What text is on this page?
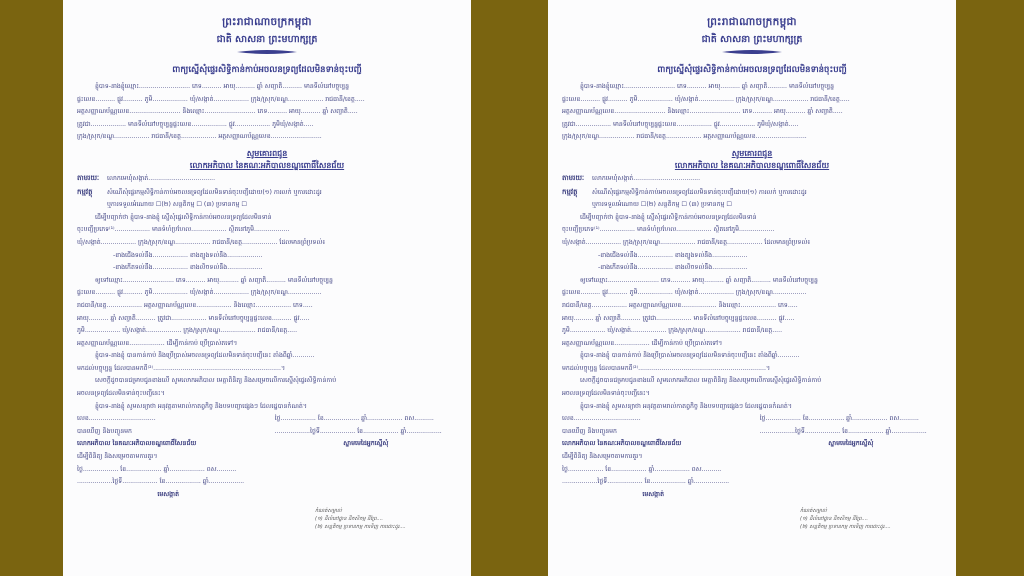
ព្រះរាជាណាចក្រកម្ពុជា
ជាតិ សាសនា ព្រះមហាក្សត្រ
ពាក្យស្នើសុំផ្ទេរសិទ្ធិកាន់កាប់អចលនទ្រព្យដែលមិនទាន់ចុះបញ្ជី
ខ្ញុំបាទ-នាងខ្ញុំឈ្មោះ.......................... ភេទ.......... អាយុ.......... ឆ្នាំ សញ្ជាតិ.......... មានទីលំនៅបច្ចុប្បន្ន
ផ្ទះលេខ.......... ផ្លូវ.......... ភូមិ.................. ឃុំ/សង្កាត់.................. ក្រុង/ស្រុក/ខណ្ឌ.................. រាជធានី/ខេត្ត.....
អត្តសញ្ញាណប័ណ្ណលេខ.......................... និងឈ្មោះ.......................... ភេទ.......... អាយុ.......... ឆ្នាំ សញ្ជាតិ.....
ត្រូវជា.................. មានទីលំនៅបច្ចុប្បន្នផ្ទះលេខ.................. ផ្លូវ.................. ភូមិឃុំ/សង្កាត់.....
ក្រុង/ស្រុក/ខណ្ឌ.................. រាជធានី/ខេត្ត.................. អត្តសញ្ញាណប័ណ្ណលេខ..........................
សូមគោរពជូន
លោកអភិបាល នៃគណៈអភិបាលខណ្ឌពោធិ៍សែនជ័យ
តាមរយៈ លោកមេឃុំសង្កាត់..................................
កម្មវត្ថុ សំណើសុំផ្ទេរកម្មសិទ្ធិកាន់កាប់អចលនទ្រព្យដែលមិនទាន់ចុះបញ្ជីដោយ(១) ការលក់ ឬការដោះដូរ
ឬការទទួលអំណោយ ☐(២) សន្តតិកម្ម ☐ (៣) ប្រទានកម្ម ☐
ដើម្បីបញ្ជាក់ថា ខ្ញុំបាទ-នាងខ្ញុំ ស្នើសុំផ្ទេរសិទ្ធិកាន់កាប់អចលនទ្រព្យដែលមិនទាន់
ចុះបញ្ជីប្រភេទ⁽¹⁾.................. មានទំហំប្រហែល.................. ស្ថិតនៅភូមិ..................
ឃុំ/សង្កាត់.................. ក្រុង/ស្រុក/ខណ្ឌ.................. រាជធានី/ខេត្ត.................. ដែលមានព្រំប្រទល់៖
-ខាងជើងទល់នឹង.................. ខាងត្បូងទល់នឹង..................
-ខាងកើតទល់នឹង.................. ខាងលិចទល់នឹង..................
ឲ្យទៅឈ្មោះ.......................... ភេទ.......... អាយុ.......... ឆ្នាំ សញ្ជាតិ.......... មានទីលំនៅបច្ចុប្បន្ន
ផ្ទះលេខ.......... ផ្លូវ.......... ភូមិ.................. ឃុំ/សង្កាត់.................. ក្រុង/ស្រុក/ខណ្ឌ.................
រាជធានី/ខេត្ត.................. អត្តសញ្ញាណប័ណ្ណលេខ.................. និងឈ្មោះ.................. ភេទ.....
អាយុ.......... ឆ្នាំ សញ្ជាតិ.......... ត្រូវជា.................. មានទីលំនៅបច្ចុប្បន្នផ្ទះលេខ.......... ផ្លូវ.....
ភូមិ.................. ឃុំ/សង្កាត់.................. ក្រុង/ស្រុក/ខណ្ឌ.................. រាជធានី/ខេត្ត.....
អត្តសញ្ញាណប័ណ្ណលេខ.................. ដើម្បីកាន់កាប់ ប្រើប្រាស់តទៅ។
ខ្ញុំបាទ-នាងខ្ញុំ បានកាន់កាប់ និងប្រើប្រាស់អចលនទ្រព្យដែលមិនទាន់ចុះបញ្ជីនេះ តាំងពីឆ្នាំ...........
មកដល់បច្ចុប្បន្ន ដែលបានមកពី⁽²⁾.................................................................។
សេចក្ដីដូចបានជម្រាបជូនខាងលើ សូមលោកអភិបាល មេត្តាពិនិត្យ និងសម្រេចលើការស្នើសុំផ្ទេរសិទ្ធិកាន់កាប់
អចលនទ្រព្យដែលមិនទាន់ចុះបញ្ជីនេះ។
ខ្ញុំបាទ-នាងខ្ញុំ សូមសន្យាថា អនុវត្តតាមរាល់កាតព្វកិច្ច និងបទបញ្ជាផ្សេងៗ ដែលរដ្ឋបានកំណត់។
លេខ..................................
បានឃើញ និងបញ្ជូនមក
លោកអភិបាល នៃគណៈអភិបាលខណ្ឌពោធិ៍សែនជ័យ
ដើម្បីពិនិត្យ និងសម្រេចតាមការគួរ។
ថ្ងៃ.................. ខែ.................. ឆ្នាំ.................. ពស..........
..................ថ្ងៃទី.................. ខែ.................. ឆ្នាំ..................
មេសង្កាត់
ថ្ងៃ.................. ខែ.................. ឆ្នាំ.................. ពស..........
..................ថ្ងៃទី.................. ខែ.................. ឆ្នាំ..................
ស្នាមមេដៃអ្នកស្នើសុំ
កំណត់សម្គាល់
(១) ដីលំនៅដ្ឋាន ដីកសិកម្ម ដីព្រៃ....
(២) សន្តតិកម្ម ប្រទានកម្ម ការទិញ ការដោះដូរ....
ព្រះរាជាណាចក្រកម្ពុជា
ជាតិ សាសនា ព្រះមហាក្សត្រ
ពាក្យស្នើសុំផ្ទេរសិទ្ធិកាន់កាប់អចលនទ្រព្យដែលមិនទាន់ចុះបញ្ជី
ខ្ញុំបាទ-នាងខ្ញុំឈ្មោះ.......................... ភេទ.......... អាយុ.......... ឆ្នាំ សញ្ជាតិ.......... មានទីលំនៅបច្ចុប្បន្ន
ផ្ទះលេខ.......... ផ្លូវ.......... ភូមិ.................. ឃុំ/សង្កាត់.................. ក្រុង/ស្រុក/ខណ្ឌ.................. រាជធានី/ខេត្ត.....
អត្តសញ្ញាណប័ណ្ណលេខ.......................... និងឈ្មោះ.......................... ភេទ.......... អាយុ.......... ឆ្នាំ សញ្ជាតិ.....
ត្រូវជា.................. មានទីលំនៅបច្ចុប្បន្នផ្ទះលេខ.................. ផ្លូវ.................. ភូមិឃុំ/សង្កាត់.....
ក្រុង/ស្រុក/ខណ្ឌ.................. រាជធានី/ខេត្ត.................. អត្តសញ្ញាណប័ណ្ណលេខ..........................
សូមគោរពជូន
លោកអភិបាល នៃគណៈអភិបាលខណ្ឌពោធិ៍សែនជ័យ
តាមរយៈ លោកមេឃុំសង្កាត់..................................
កម្មវត្ថុ សំណើសុំផ្ទេរកម្មសិទ្ធិកាន់កាប់អចលនទ្រព្យដែលមិនទាន់ចុះបញ្ជីដោយ(១) ការលក់ ឬការដោះដូរ
ឬការទទួលអំណោយ ☐(២) សន្តតិកម្ម ☐ (៣) ប្រទានកម្ម ☐
ដើម្បីបញ្ជាក់ថា ខ្ញុំបាទ-នាងខ្ញុំ ស្នើសុំផ្ទេរសិទ្ធិកាន់កាប់អចលនទ្រព្យដែលមិនទាន់
ចុះបញ្ជីប្រភេទ⁽¹⁾.................. មានទំហំប្រហែល.................. ស្ថិតនៅភូមិ..................
ឃុំ/សង្កាត់.................. ក្រុង/ស្រុក/ខណ្ឌ.................. រាជធានី/ខេត្ត.................. ដែលមានព្រំប្រទល់៖
-ខាងជើងទល់នឹង.................. ខាងត្បូងទល់នឹង..................
-ខាងកើតទល់នឹង.................. ខាងលិចទល់នឹង..................
ឲ្យទៅឈ្មោះ.......................... ភេទ.......... អាយុ.......... ឆ្នាំ សញ្ជាតិ.......... មានទីលំនៅបច្ចុប្បន្ន
ផ្ទះលេខ.......... ផ្លូវ.......... ភូមិ.................. ឃុំ/សង្កាត់.................. ក្រុង/ស្រុក/ខណ្ឌ.................
រាជធានី/ខេត្ត.................. អត្តសញ្ញាណប័ណ្ណលេខ.................. និងឈ្មោះ.................. ភេទ.....
អាយុ.......... ឆ្នាំ សញ្ជាតិ.......... ត្រូវជា.................. មានទីលំនៅបច្ចុប្បន្នផ្ទះលេខ.......... ផ្លូវ.....
ភូមិ.................. ឃុំ/សង្កាត់.................. ក្រុង/ស្រុក/ខណ្ឌ.................. រាជធានី/ខេត្ត.....
អត្តសញ្ញាណប័ណ្ណលេខ.................. ដើម្បីកាន់កាប់ ប្រើប្រាស់តទៅ។
ខ្ញុំបាទ-នាងខ្ញុំ បានកាន់កាប់ និងប្រើប្រាស់អចលនទ្រព្យដែលមិនទាន់ចុះបញ្ជីនេះ តាំងពីឆ្នាំ...........
មកដល់បច្ចុប្បន្ន ដែលបានមកពី⁽²⁾.................................................................។
សេចក្ដីដូចបានជម្រាបជូនខាងលើ សូមលោកអភិបាល មេត្តាពិនិត្យ និងសម្រេចលើការស្នើសុំផ្ទេរសិទ្ធិកាន់កាប់
អចលនទ្រព្យដែលមិនទាន់ចុះបញ្ជីនេះ។
ខ្ញុំបាទ-នាងខ្ញុំ សូមសន្យាថា អនុវត្តតាមរាល់កាតព្វកិច្ច និងបទបញ្ជាផ្សេងៗ ដែលរដ្ឋបានកំណត់។
លេខ..................................
បានឃើញ និងបញ្ជូនមក
លោកអភិបាល នៃគណៈអភិបាលខណ្ឌពោធិ៍សែនជ័យ
ដើម្បីពិនិត្យ និងសម្រេចតាមការគួរ។
ថ្ងៃ.................. ខែ.................. ឆ្នាំ.................. ពស..........
..................ថ្ងៃទី.................. ខែ.................. ឆ្នាំ..................
មេសង្កាត់
ថ្ងៃ.................. ខែ.................. ឆ្នាំ.................. ពស..........
..................ថ្ងៃទី.................. ខែ.................. ឆ្នាំ..................
ស្នាមមេដៃអ្នកស្នើសុំ
កំណត់សម្គាល់
(១) ដីលំនៅដ្ឋាន ដីកសិកម្ម ដីព្រៃ....
(២) សន្តតិកម្ម ប្រទានកម្ម ការទិញ ការដោះដូរ....
